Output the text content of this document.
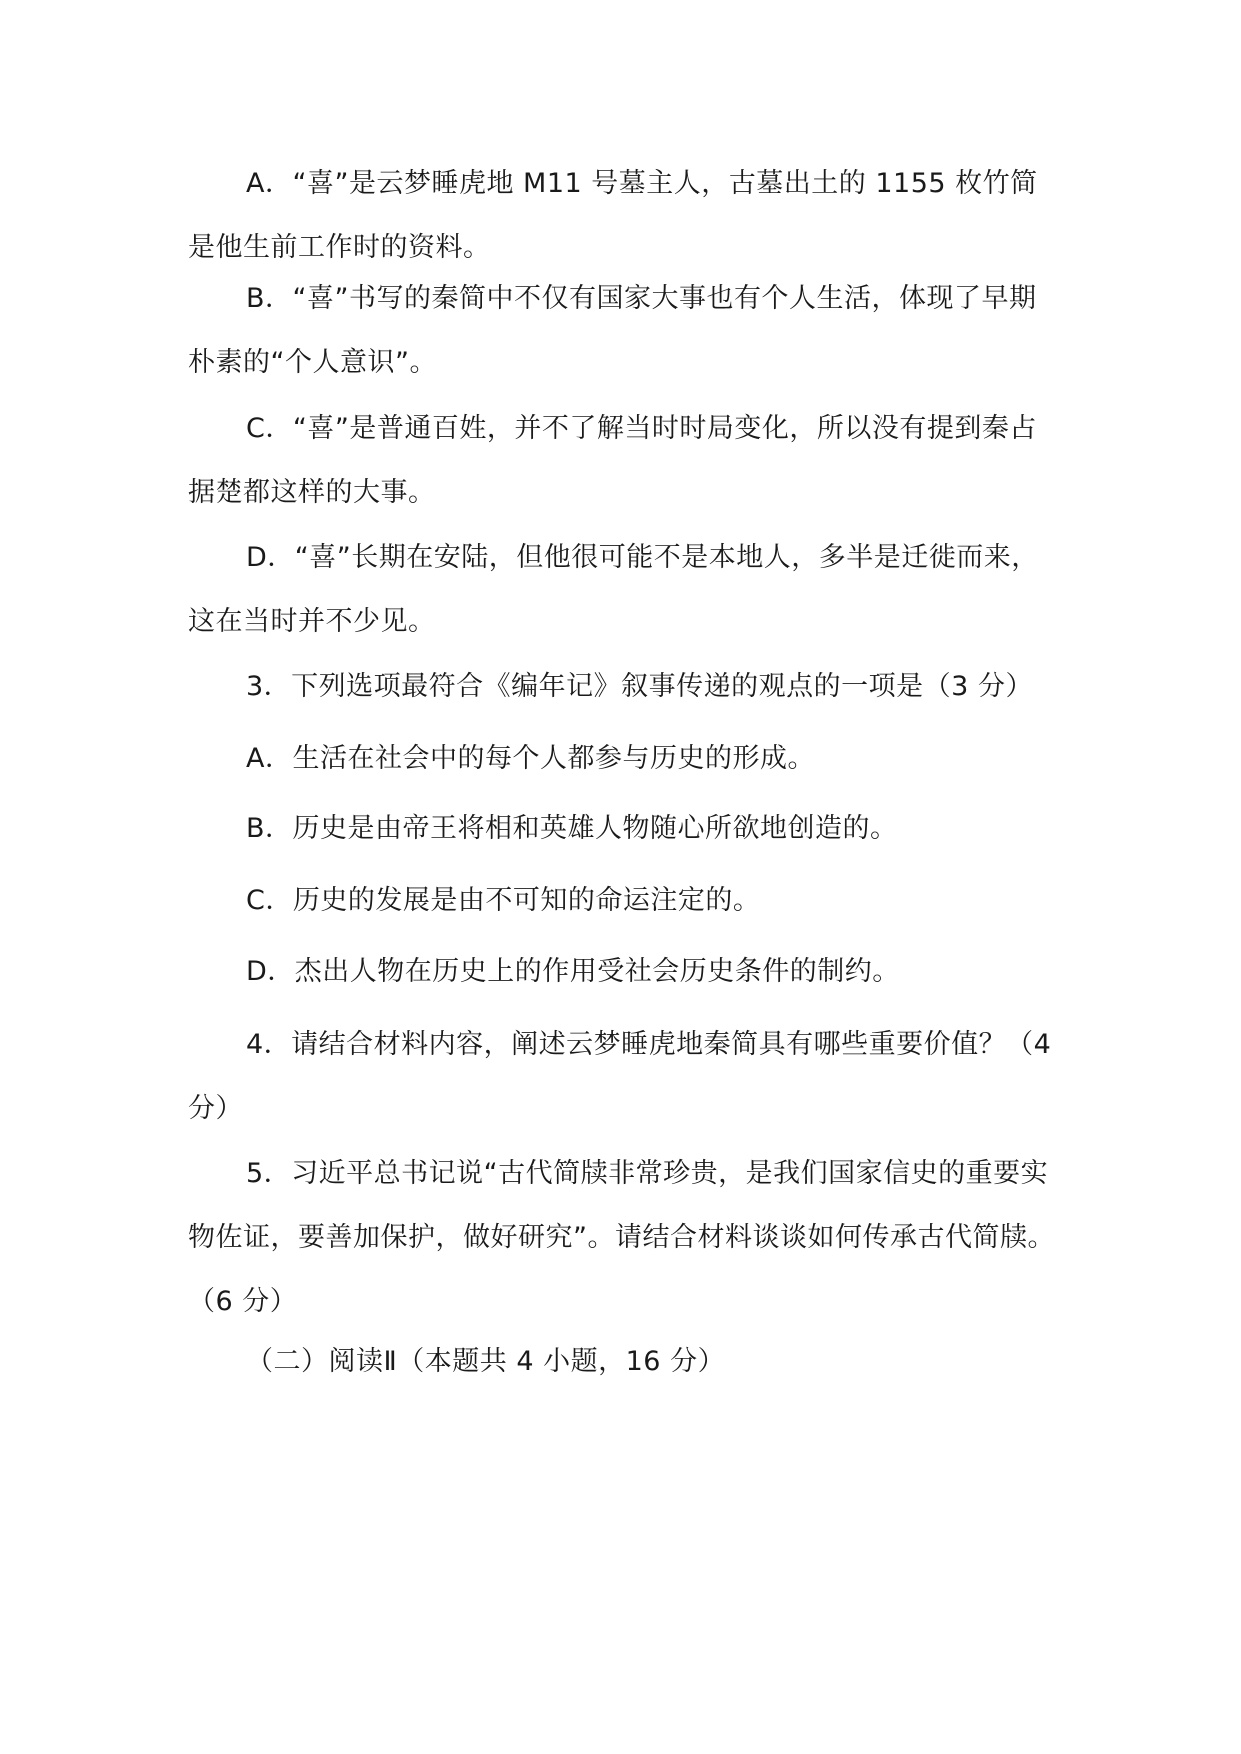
A．“喜”是云梦睡虎地 M11 号墓主人，古墓出土的 1155 枚竹简是他生前工作时的资料。

B．“喜”书写的秦简中不仅有国家大事也有个人生活，体现了早期朴素的“个人意识”。

C．“喜”是普通百姓，并不了解当时时局变化，所以没有提到秦占据楚都这样的大事。

D．“喜”长期在安陆，但他很可能不是本地人，多半是迁徙而来，这在当时并不少见。

3．下列选项最符合《编年记》叙事传递的观点的一项是（3 分）

A．生活在社会中的每个人都参与历史的形成。

B．历史是由帝王将相和英雄人物随心所欲地创造的。

C．历史的发展是由不可知的命运注定的。

D．杰出人物在历史上的作用受社会历史条件的制约。

4．请结合材料内容，阐述云梦睡虎地秦简具有哪些重要价值？（4 分）

5．习近平总书记说“古代简牍非常珍贵，是我们国家信史的重要实物佐证，要善加保护，做好研究”。请结合材料谈谈如何传承古代简牍。（6 分）

（二）阅读Ⅱ（本题共 4 小题，16 分）
